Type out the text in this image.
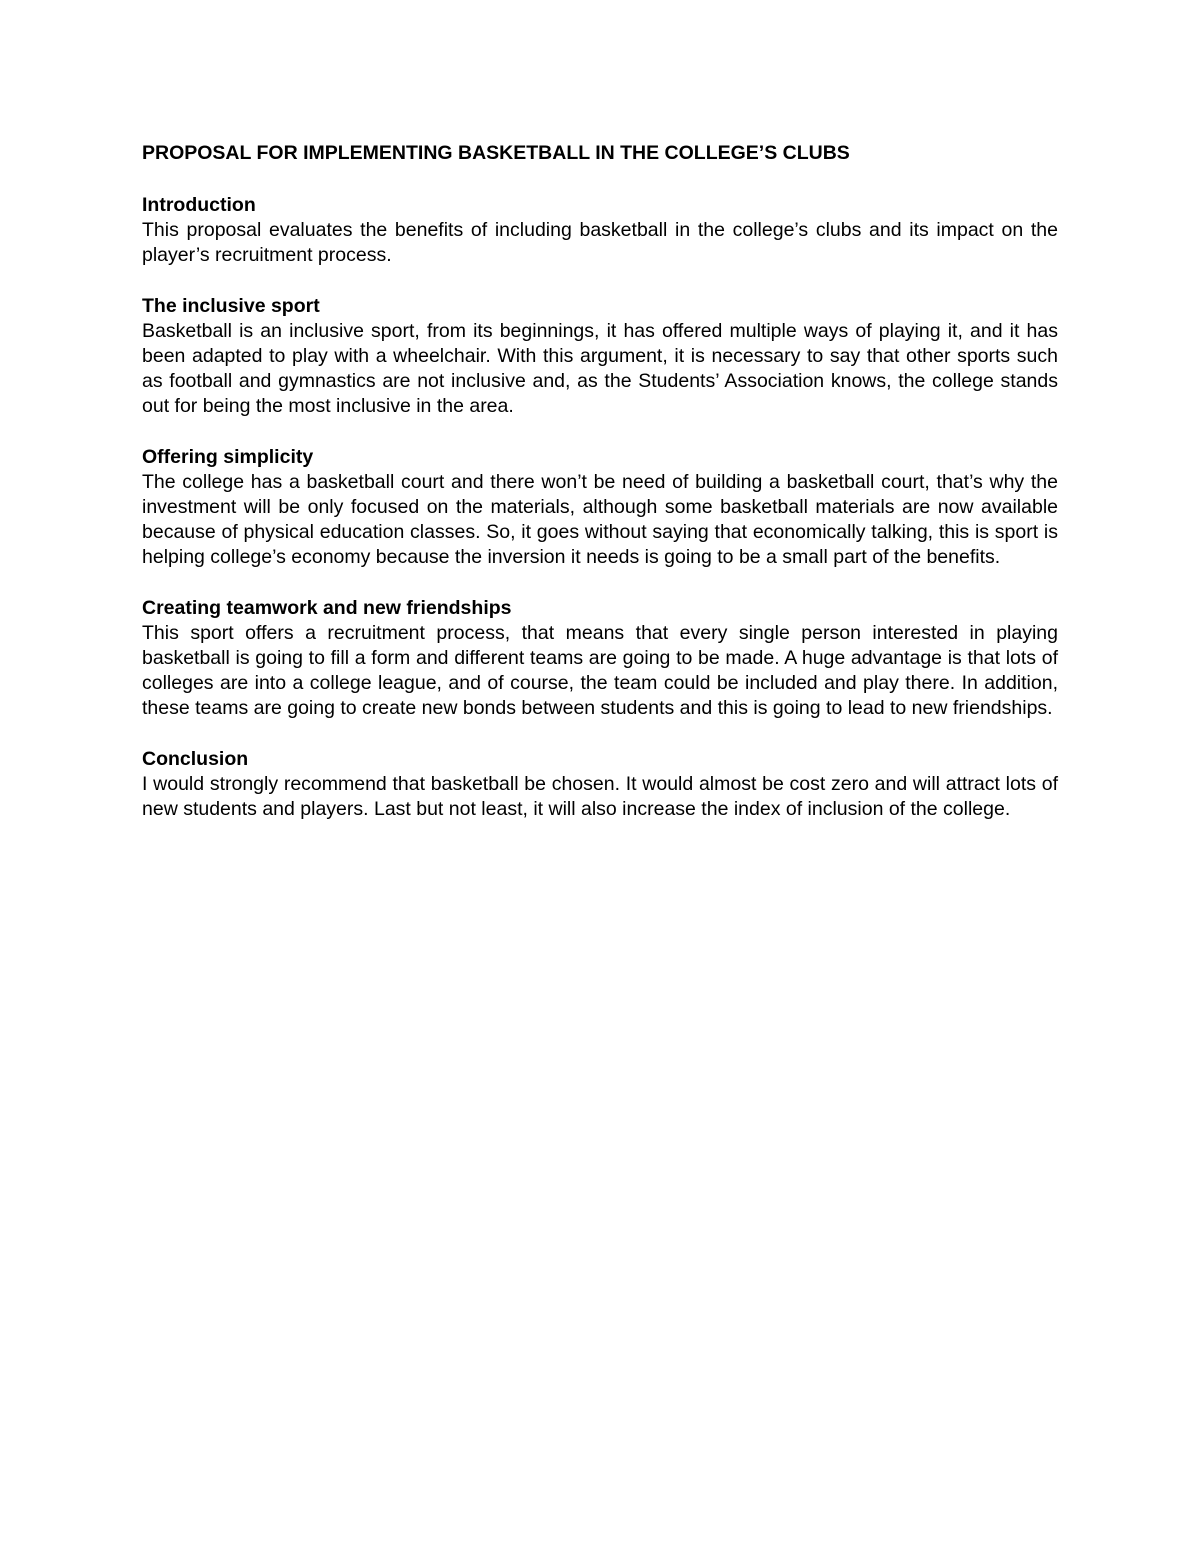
PROPOSAL FOR IMPLEMENTING BASKETBALL IN THE COLLEGE’S CLUBS
Introduction
This proposal evaluates the benefits of including basketball in the college’s clubs and its impact on the player’s recruitment process.
The inclusive sport
Basketball is an inclusive sport, from its beginnings, it has offered multiple ways of playing it, and it has been adapted to play with a wheelchair. With this argument, it is necessary to say that other sports such as football and gymnastics are not inclusive and, as the Students’ Association knows, the college stands out for being the most inclusive in the area.
Offering simplicity
The college has a basketball court and there won’t be need of building a basketball court, that’s why the investment will be only focused on the materials, although some basketball materials are now available because of physical education classes. So, it goes without saying that economically talking, this is sport is helping college’s economy because the inversion it needs is going to be a small part of the benefits.
Creating teamwork and new friendships
This sport offers a recruitment process, that means that every single person interested in playing basketball is going to fill a form and different teams are going to be made. A huge advantage is that lots of colleges are into a college league, and of course, the team could be included and play there. In addition, these teams are going to create new bonds between students and this is going to lead to new friendships.
Conclusion
I would strongly recommend that basketball be chosen. It would almost be cost zero and will attract lots of new students and players. Last but not least, it will also increase the index of inclusion of the college.
